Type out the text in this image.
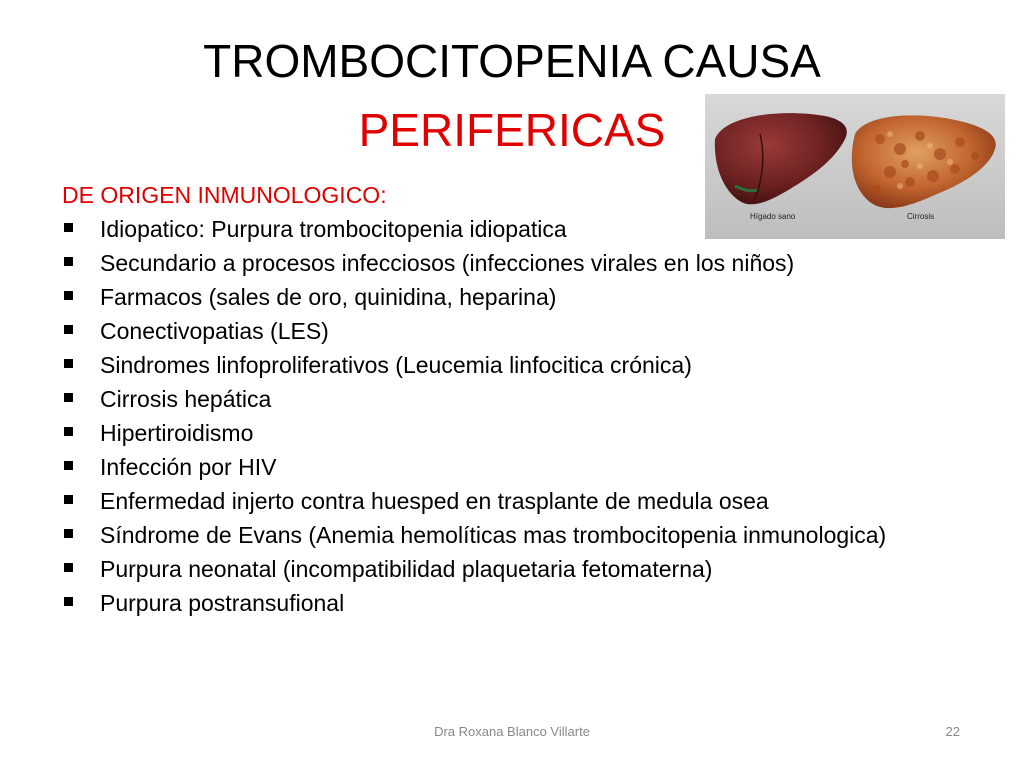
TROMBOCITOPENIA CAUSA
PERIFERICAS
Hígado sano	Cirrosis
DE ORIGEN INMUNOLOGICO:
Idiopatico: Purpura trombocitopenia idiopatica
Secundario a procesos infecciosos (infecciones virales en los niños)
Farmacos (sales de oro, quinidina, heparina)
Conectivopatias (LES)
Sindromes linfoproliferativos (Leucemia linfocitica crónica)
Cirrosis hepática
Hipertiroidismo
Infección por HIV
Enfermedad injerto contra huesped en trasplante de medula osea
Síndrome de Evans (Anemia hemolíticas mas trombocitopenia inmunologica)
Purpura neonatal (incompatibilidad plaquetaria fetomaterna)
Purpura postransufional
Dra Roxana Blanco Villarte	22
